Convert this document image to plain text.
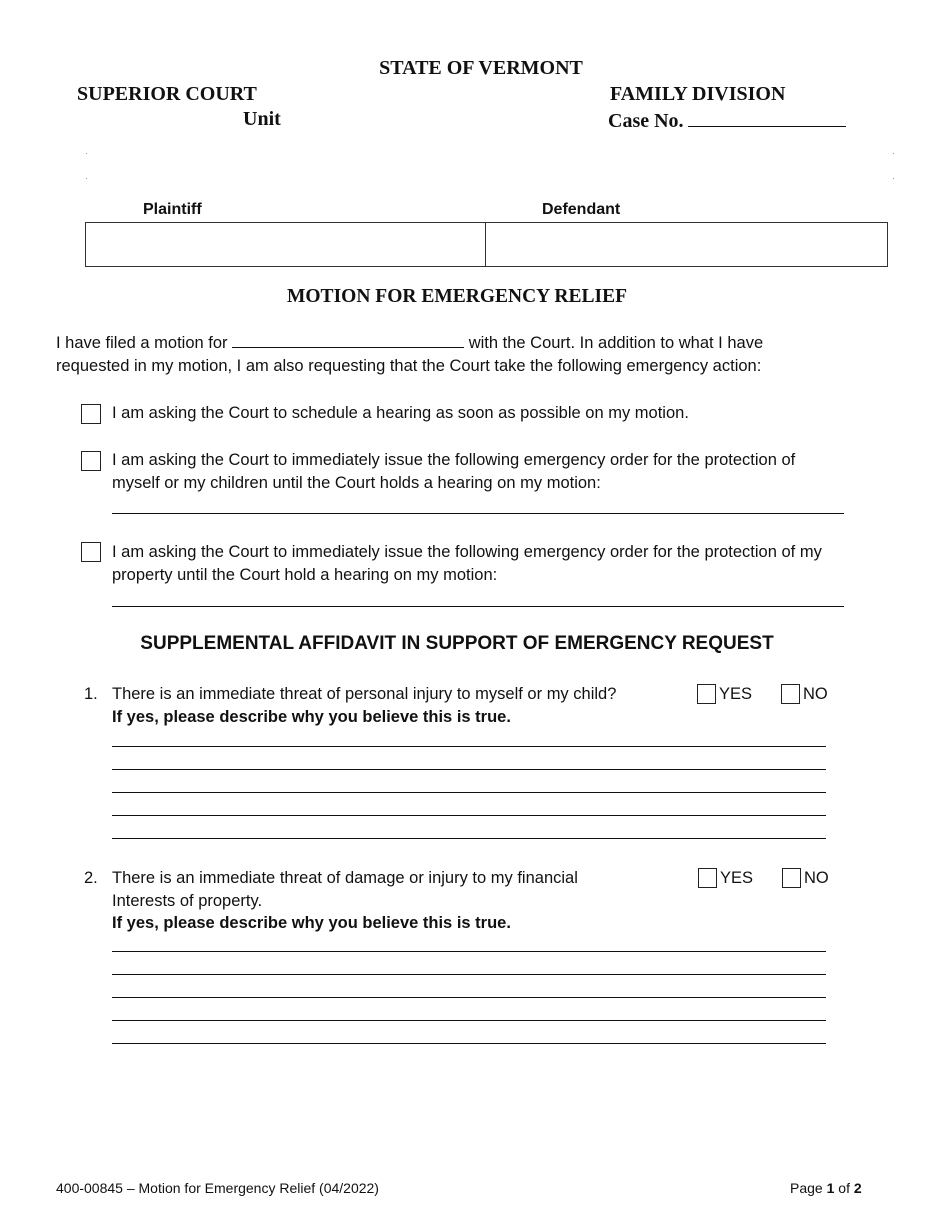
STATE OF VERMONT
SUPERIOR COURT
Unit
FAMILY DIVISION
Case No.
Plaintiff	Defendant
MOTION FOR EMERGENCY RELIEF
I have filed a motion for	with the Court. In addition to what I have
requested in my motion, I am also requesting that the Court take the following emergency action:
I am asking the Court to schedule a hearing as soon as possible on my motion.
I am asking the Court to immediately issue the following emergency order for the protection of
myself or my children until the Court holds a hearing on my motion:
I am asking the Court to immediately issue the following emergency order for the protection of my
property until the Court hold a hearing on my motion:
SUPPLEMENTAL AFFIDAVIT IN SUPPORT OF EMERGENCY REQUEST
1. There is an immediate threat of personal injury to myself or my child?	YES	NO
If yes, please describe why you believe this is true.
2. There is an immediate threat of damage or injury to my financial	YES	NO
Interests of property.
If yes, please describe why you believe this is true.
400-00845 – Motion for Emergency Relief (04/2022)	Page 1 of 2
